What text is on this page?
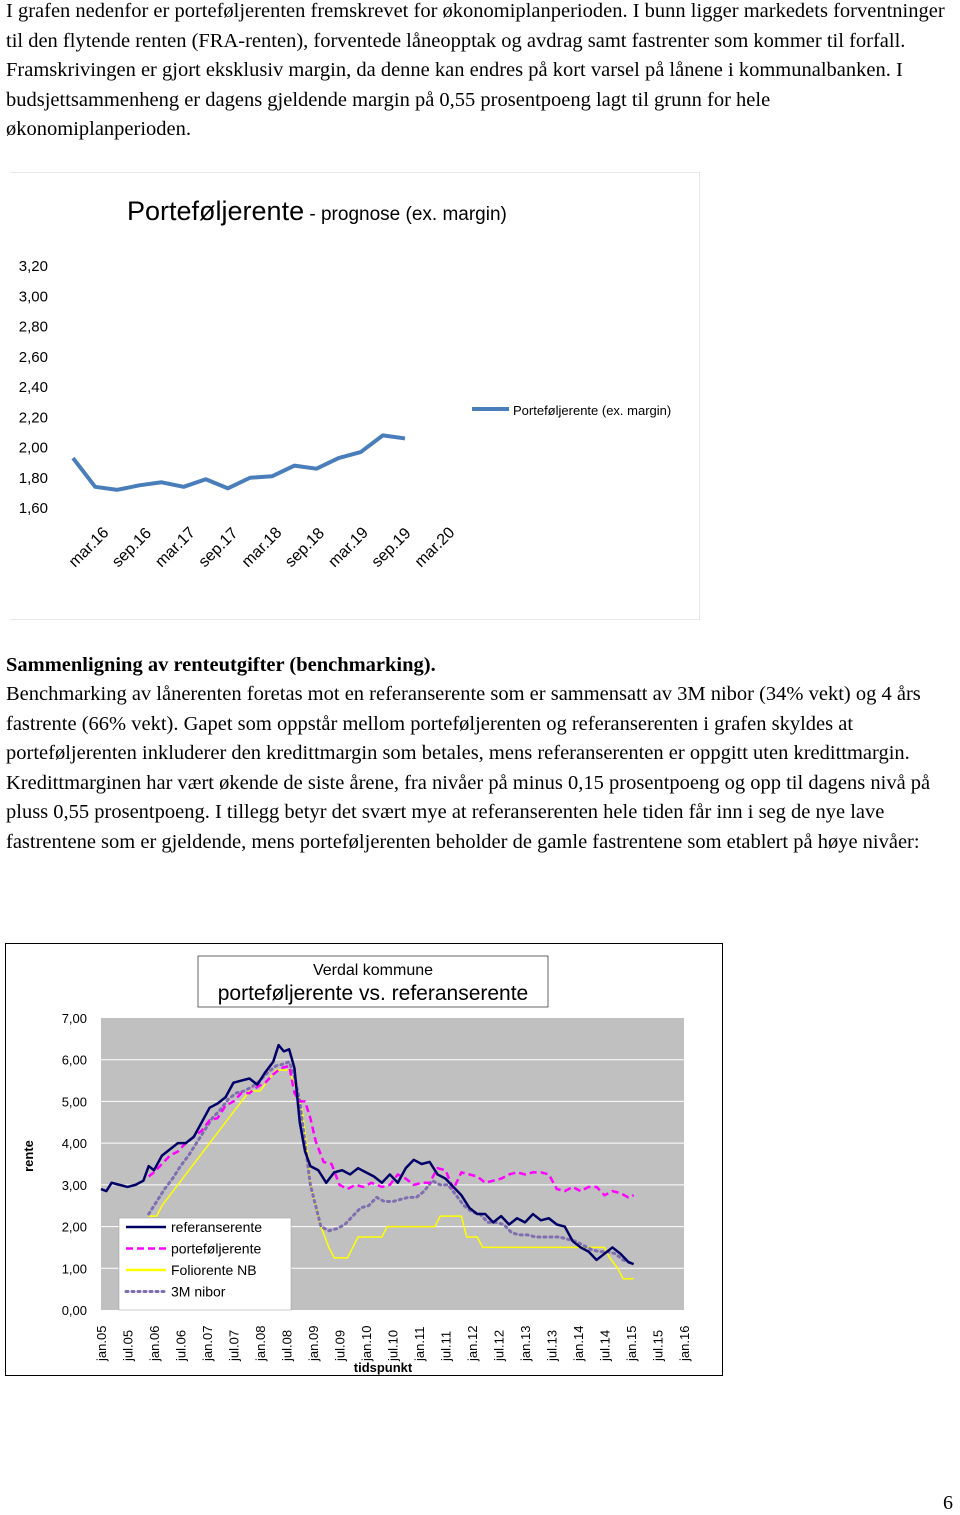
I grafen nedenfor er porteføljerenten fremskrevet for økonomiplanperioden. I bunn ligger markedets forventninger til den flytende renten (FRA-renten), forventede låneopptak og avdrag samt fastrenter som kommer til forfall. Framskrivingen er gjort eksklusiv margin, da denne kan endres på kort varsel på lånene i kommunalbanken. I budsjettsammenheng er dagens gjeldende margin på 0,55 prosentpoeng lagt til grunn for hele økonomiplanperioden.

Porteføljerente - prognose (ex. margin)
3,20
3,00
2,80
2,60
2,40
2,20
2,00
1,80
1,60
mar.16
sep.16
mar.17
sep.17
mar.18
sep.18
mar.19
sep.19
mar.20
Porteføljerente (ex. margin)

Sammenligning av renteutgifter (benchmarking).

Benchmarking av lånerenten foretas mot en referanserente som er sammensatt av 3M nibor (34% vekt) og 4 års fastrente (66% vekt). Gapet som oppstår mellom porteføljerenten og referanserenten i grafen skyldes at porteføljerenten inkluderer den kredittmargin som betales, mens referanserenten er oppgitt uten kredittmargin. Kredittmarginen har vært økende de siste årene, fra nivåer på minus 0,15 prosentpoeng og opp til dagens nivå på pluss 0,55 prosentpoeng. I tillegg betyr det svært mye at referanserenten hele tiden får inn i seg de nye lave fastrentene som er gjeldende, mens porteføljerenten beholder de gamle fastrentene som etablert på høye nivåer:

Verdal kommune
porteføljerente vs. referanserente
7,00
6,00
5,00
4,00
3,00
2,00
1,00
0,00
jan.05 jul.05 jan.06 jul.06 jan.07 jul.07 jan.08 jul.08 jan.09 jul.09 jan.10 jul.10 jan.11 jul.11 jan.12 jul.12 jan.13 jul.13 jan.14 jul.14 jan.15 jul.15 jan.16
rente
tidspunkt
referanserente
porteføljerente
Foliorente NB
3M nibor
6
